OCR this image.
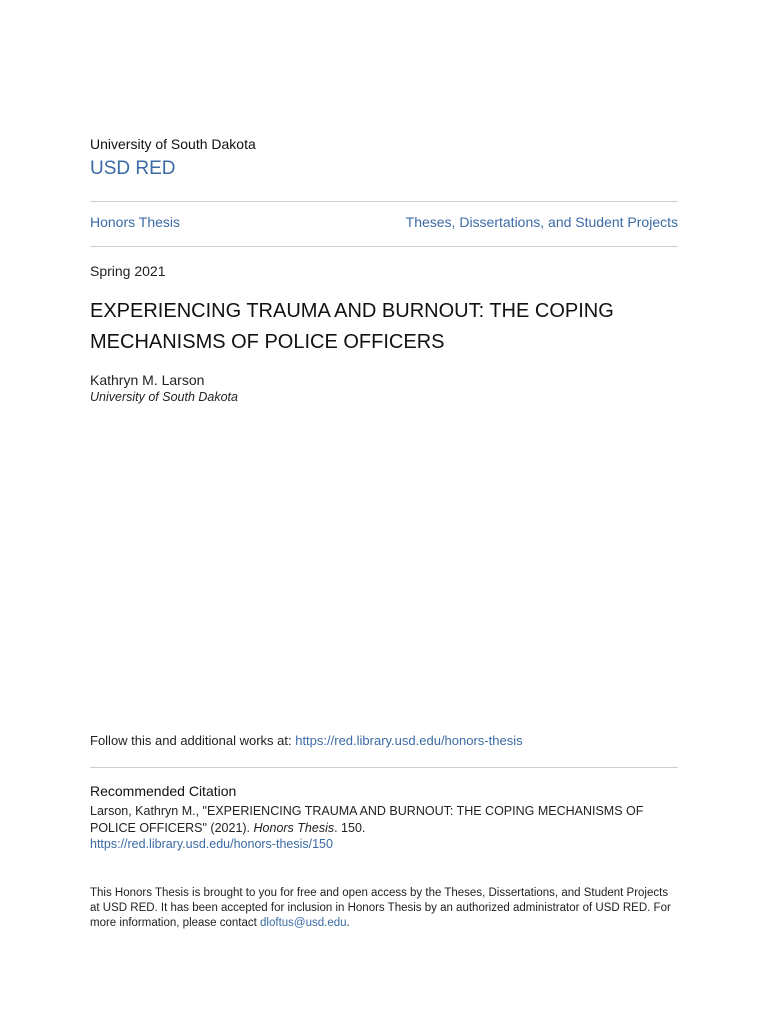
University of South Dakota
USD RED
Honors Thesis	Theses, Dissertations, and Student Projects
Spring 2021
EXPERIENCING TRAUMA AND BURNOUT: THE COPING MECHANISMS OF POLICE OFFICERS
Kathryn M. Larson
University of South Dakota
Follow this and additional works at: https://red.library.usd.edu/honors-thesis
Recommended Citation
Larson, Kathryn M., "EXPERIENCING TRAUMA AND BURNOUT: THE COPING MECHANISMS OF POLICE OFFICERS" (2021). Honors Thesis. 150.
https://red.library.usd.edu/honors-thesis/150
This Honors Thesis is brought to you for free and open access by the Theses, Dissertations, and Student Projects at USD RED. It has been accepted for inclusion in Honors Thesis by an authorized administrator of USD RED. For more information, please contact dloftus@usd.edu.
